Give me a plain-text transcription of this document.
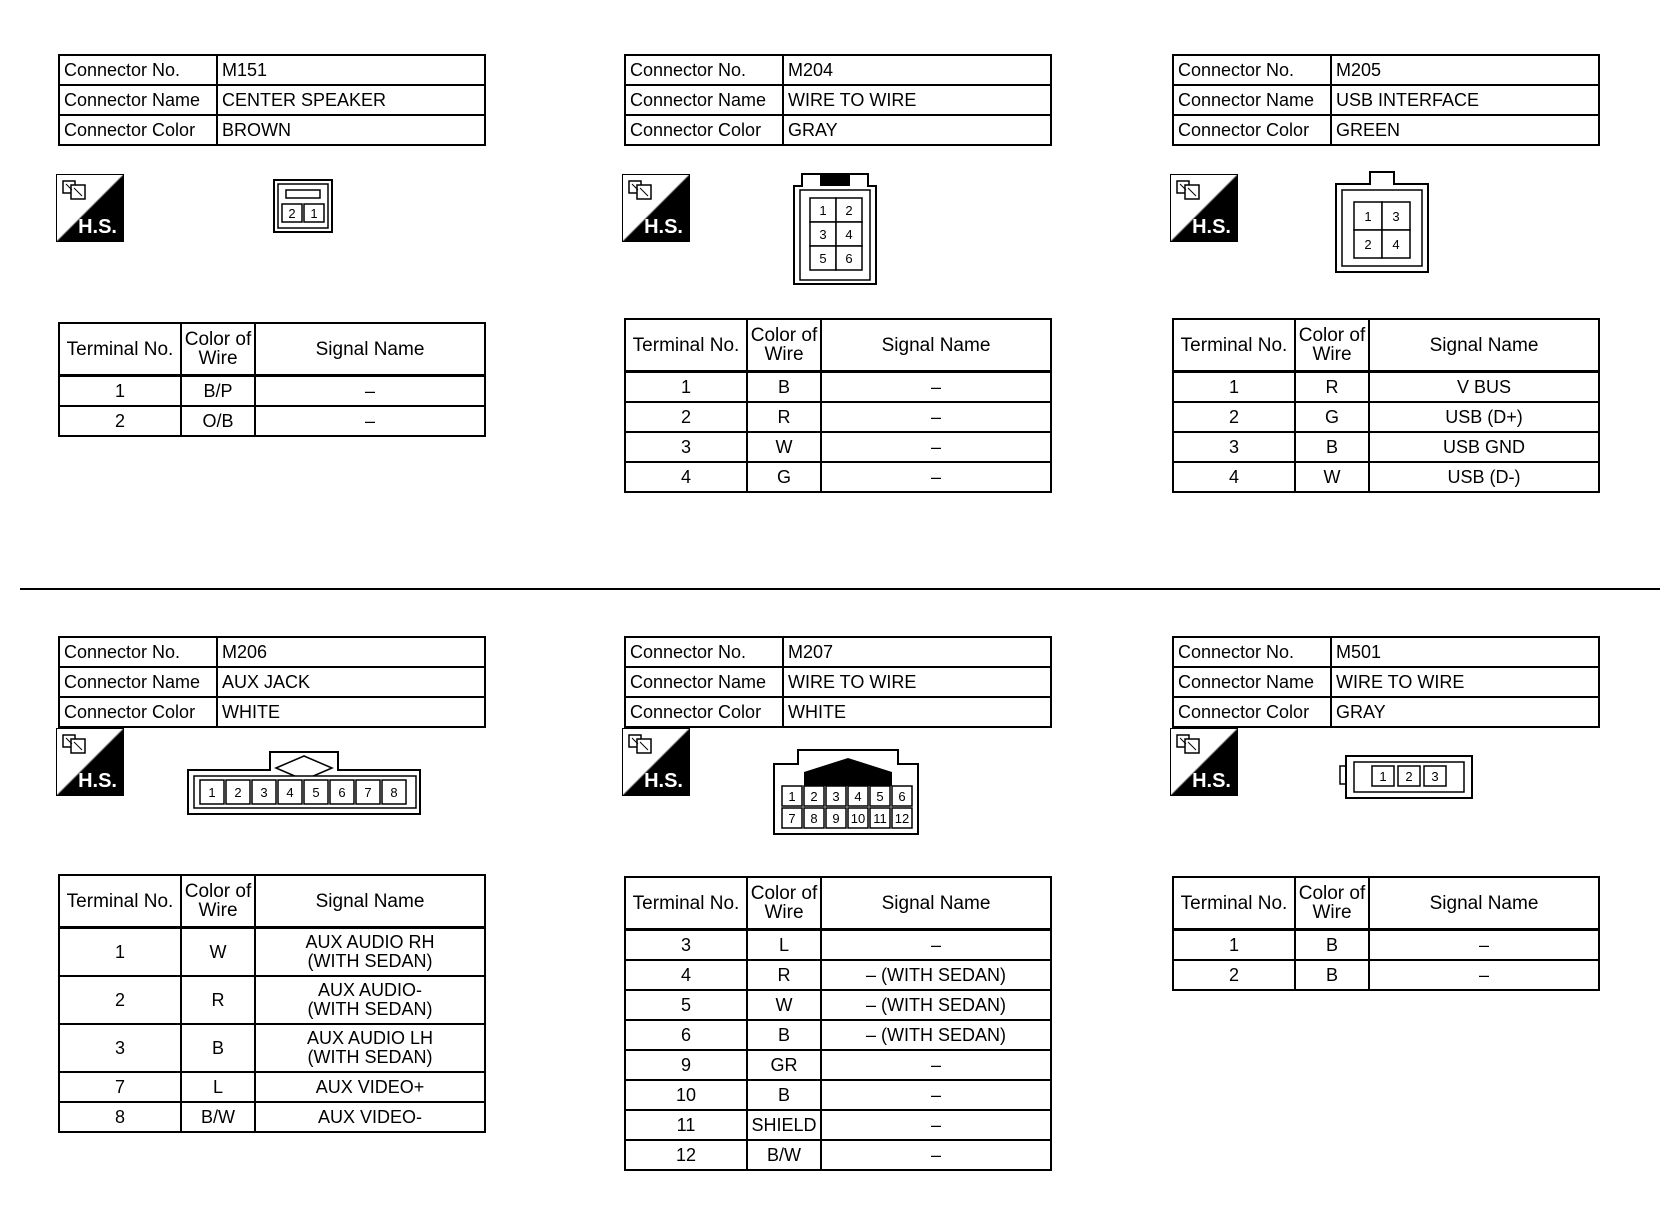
Connector No.	M151
Connector Name	CENTER SPEAKER
Connector Color	BROWN
H.S.
2 1
Terminal No.	Color of Wire	Signal Name
1	B/P	–
2	O/B	–
Connector No.	M204
Connector Name	WIRE TO WIRE
Connector Color	GRAY
H.S.
1 2
3 4
5 6
Terminal No.	Color of Wire	Signal Name
1	B	–
2	R	–
3	W	–
4	G	–
Connector No.	M205
Connector Name	USB INTERFACE
Connector Color	GREEN
H.S.	1 3
2 4
Terminal No.	Color of Wire	Signal Name
1	R	V BUS
2	G	USB (D+)
3	B	USB GND
4	W	USB (D-)
Connector No.	M206
Connector Name	AUX JACK
Connector Color	WHITE
H.S.
1 2 3 4 5 6 7 8
Terminal No.	Color of Wire	Signal Name
1	W	AUX AUDIO RH
(WITH SEDAN)
2	R	AUX AUDIO-
(WITH SEDAN)
3	B	AUX AUDIO LH
(WITH SEDAN)
7	L	AUX VIDEO+
8	B/W	AUX VIDEO-
Connector No.	M207
Connector Name	WIRE TO WIRE
Connector Color	WHITE
H.S.
1 2 3 4 5 6
7 8 9 10 11 12
Terminal No.	Color of Wire	Signal Name
3	L	–
4	R	– (WITH SEDAN)
5	W	– (WITH SEDAN)
6	B	– (WITH SEDAN)
9	GR	–
10	B	–
11	SHIELD	–
12	B/W	–
Connector No.	M501
Connector Name	WIRE TO WIRE
Connector Color	GRAY
H.S.	1 2 3
Terminal No.	Color of Wire	Signal Name
1	B	–
2	B	–
